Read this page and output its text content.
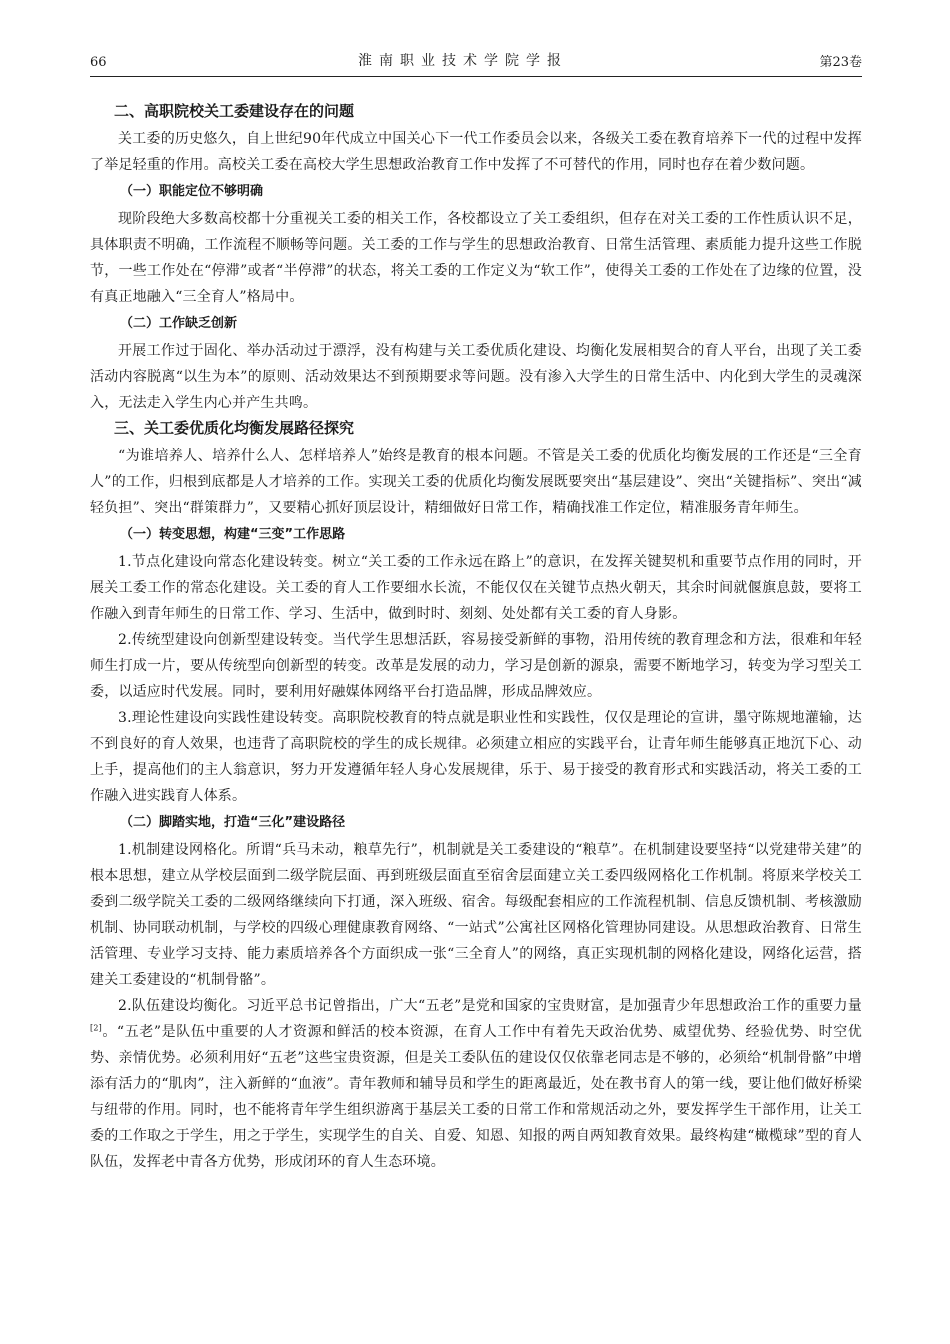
66	淮南职业技术学院学报	第23卷
二、高职院校关工委建设存在的问题

关工委的历史悠久，自上世纪90年代成立中国关心下一代工作委员会以来，各级关工委在教育培养下一代的过程中发挥了举足轻重的作用。高校关工委在高校大学生思想政治教育工作中发挥了不可替代的作用，同时也存在着少数问题。

（一）职能定位不够明确

现阶段绝大多数高校都十分重视关工委的相关工作，各校都设立了关工委组织，但存在对关工委的工作性质认识不足，具体职责不明确，工作流程不顺畅等问题。关工委的工作与学生的思想政治教育、日常生活管理、素质能力提升这些工作脱节，一些工作处在“停滞”或者“半停滞”的状态，将关工委的工作定义为“软工作”，使得关工委的工作处在了边缘的位置，没有真正地融入“三全育人”格局中。

（二）工作缺乏创新

开展工作过于固化、举办活动过于漂浮，没有构建与关工委优质化建设、均衡化发展相契合的育人平台，出现了关工委活动内容脱离“以生为本”的原则、活动效果达不到预期要求等问题。没有渗入大学生的日常生活中、内化到大学生的灵魂深入，无法走入学生内心并产生共鸣。

三、关工委优质化均衡发展路径探究

“为谁培养人、培养什么人、怎样培养人”始终是教育的根本问题。不管是关工委的优质化均衡发展的工作还是“三全育人”的工作，归根到底都是人才培养的工作。实现关工委的优质化均衡发展既要突出“基层建设”、突出“关键指标”、突出“减轻负担”、突出“群策群力”，又要精心抓好顶层设计，精细做好日常工作，精确找准工作定位，精准服务青年师生。

（一）转变思想，构建“三变”工作思路

1.节点化建设向常态化建设转变。树立“关工委的工作永远在路上”的意识，在发挥关键契机和重要节点作用的同时，开展关工委工作的常态化建设。关工委的育人工作要细水长流，不能仅仅在关键节点热火朝天，其余时间就偃旗息鼓，要将工作融入到青年师生的日常工作、学习、生活中，做到时时、刻刻、处处都有关工委的育人身影。

2.传统型建设向创新型建设转变。当代学生思想活跃，容易接受新鲜的事物，沿用传统的教育理念和方法，很难和年轻师生打成一片，要从传统型向创新型的转变。改革是发展的动力，学习是创新的源泉，需要不断地学习，转变为学习型关工委，以适应时代发展。同时，要利用好融媒体网络平台打造品牌，形成品牌效应。

3.理论性建设向实践性建设转变。高职院校教育的特点就是职业性和实践性，仅仅是理论的宣讲，墨守陈规地灌输，达不到良好的育人效果，也违背了高职院校的学生的成长规律。必须建立相应的实践平台，让青年师生能够真正地沉下心、动上手，提高他们的主人翁意识，努力开发遵循年轻人身心发展规律，乐于、易于接受的教育形式和实践活动，将关工委的工作融入进实践育人体系。

（二）脚踏实地，打造“三化”建设路径

1.机制建设网格化。所谓“兵马未动，粮草先行”，机制就是关工委建设的“粮草”。在机制建设要坚持“以党建带关建”的根本思想，建立从学校层面到二级学院层面、再到班级层面直至宿舍层面建立关工委四级网格化工作机制。将原来学校关工委到二级学院关工委的二级网络继续向下打通，深入班级、宿舍。每级配套相应的工作流程机制、信息反馈机制、考核激励机制、协同联动机制，与学校的四级心理健康教育网络、“一站式”公寓社区网格化管理协同建设。从思想政治教育、日常生活管理、专业学习支持、能力素质培养各个方面织成一张“三全育人”的网络，真正实现机制的网格化建设，网络化运营，搭建关工委建设的“机制骨骼”。

2.队伍建设均衡化。习近平总书记曾指出，广大“五老”是党和国家的宝贵财富，是加强青少年思想政治工作的重要力量[2]。“五老”是队伍中重要的人才资源和鲜活的校本资源，在育人工作中有着先天政治优势、威望优势、经验优势、时空优势、亲情优势。必须利用好“五老”这些宝贵资源，但是关工委队伍的建设仅仅依靠老同志是不够的，必须给“机制骨骼”中增添有活力的“肌肉”，注入新鲜的“血液”。青年教师和辅导员和学生的距离最近，处在教书育人的第一线，要让他们做好桥梁与纽带的作用。同时，也不能将青年学生组织游离于基层关工委的日常工作和常规活动之外，要发挥学生干部作用，让关工委的工作取之于学生，用之于学生，实现学生的自关、自爱、知恩、知报的两自两知教育效果。最终构建“橄榄球”型的育人队伍，发挥老中青各方优势，形成闭环的育人生态环境。
